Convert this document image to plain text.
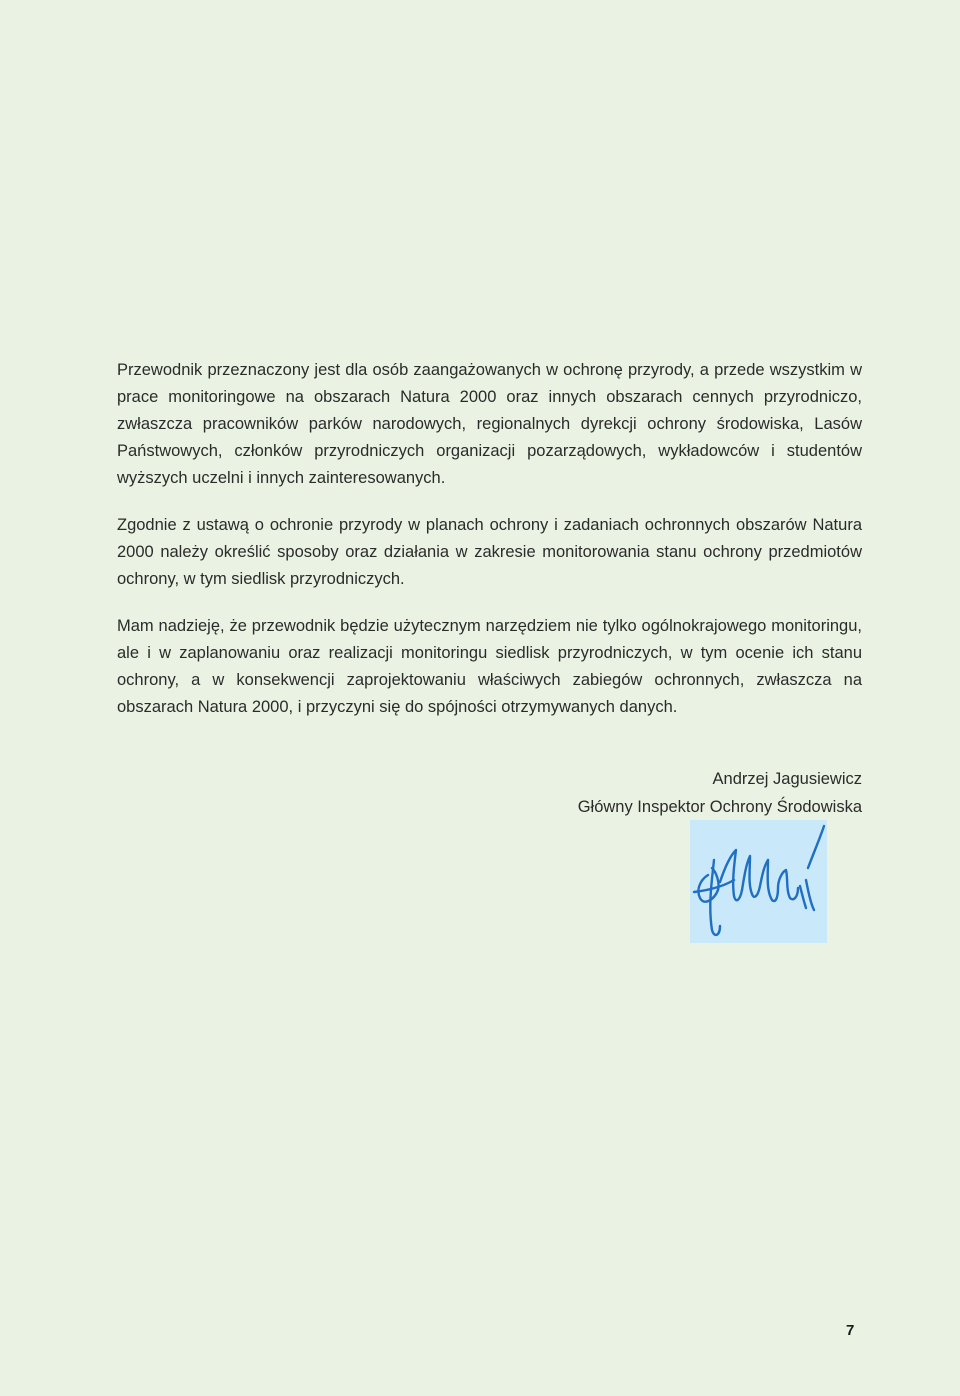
Przewodnik przeznaczony jest dla osób zaangażowanych w ochronę przyrody, a przede wszystkim w prace monitoringowe na obszarach Natura 2000 oraz innych obszarach cennych przyrodniczo, zwłaszcza pracowników parków narodowych, regionalnych dyrekcji ochrony środowiska, Lasów Państwowych, członków przyrodniczych organizacji pozarządowych, wykładowców i studentów wyższych uczelni i innych zainteresowanych.

Zgodnie z ustawą o ochronie przyrody w planach ochrony i zadaniach ochronnych obszarów Natura 2000 należy określić sposoby oraz działania w zakresie monitorowania stanu ochrony przedmiotów ochrony, w tym siedlisk przyrodniczych.

Mam nadzieję, że przewodnik będzie użytecznym narzędziem nie tylko ogólnokrajowego monitoringu, ale i w zaplanowaniu oraz realizacji monitoringu siedlisk przyrodniczych, w tym ocenie ich stanu ochrony, a w konsekwencji zaprojektowaniu właściwych zabiegów ochronnych, zwłaszcza na obszarach Natura 2000, i przyczyni się do spójności otrzymywanych danych.

Andrzej Jagusiewicz
Główny Inspektor Ochrony Środowiska
7
